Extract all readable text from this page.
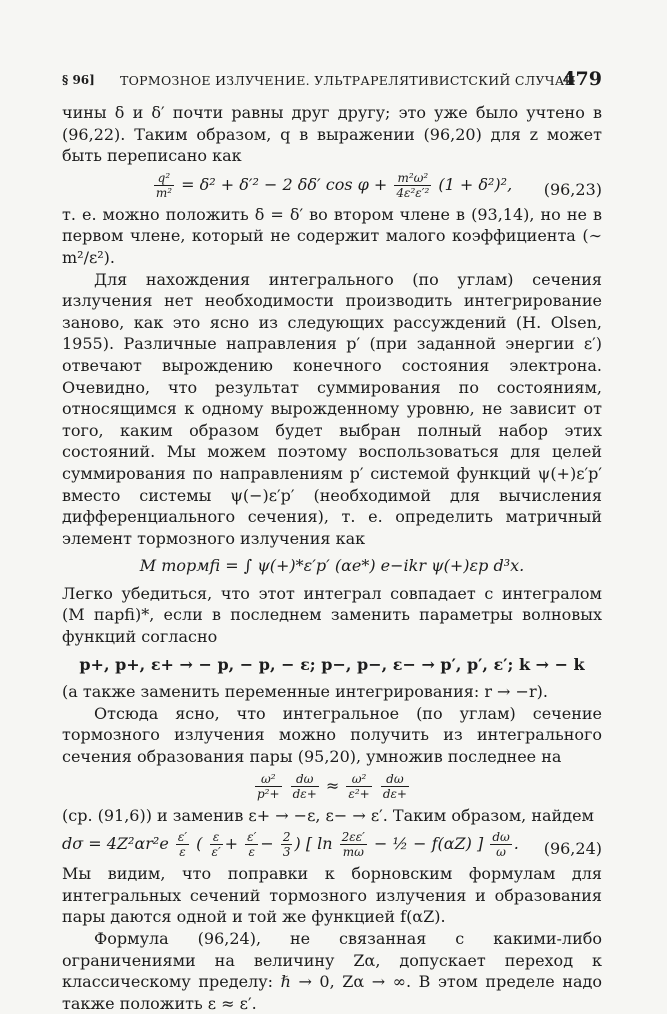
§ 96] ТОРМОЗНОЕ ИЗЛУЧЕНИЕ. УЛЬТРАРЕЛЯТИВИСТСКИЙ СЛУЧАЙ
479

чины δ и δ′ почти равны друг другу; это уже было учтено в (96,22). Таким образом, q в выражении (96,20) для z может быть переписано как

$\frac{\text{q²}}{\text{m²}} = \delta^2 + \delta'^2 - 2$ δδ′ $\cos \varphi + \frac{\text{m²ω²}}{\text{4ε²ε′²}} (1 + \delta^2)^2$,	(96,23)

т. е. можно положить δ = δ′ во втором члене в (93,14), но не в первом члене, который не содержит малого коэффициента (∼ m²/ε²).

Для нахождения интегрального (по углам) сечения излучения нет необходимости производить интегрирование заново, как это ясно из следующих рассуждений (H. Olsen, 1955). Различные направления p′ (при заданной энергии ε′) отвечают вырождению конечного состояния электрона. Очевидно, что результат суммирования по состояниям, относящимся к одному вырожденному уровню, не зависит от того, каким образом будет выбран полный набор этих состояний. Мы можем поэтому воспользоваться для целей суммирования по направлениям p′ системой функций ψ(+)ε′p′ вместо системы ψ(−)ε′p′ (необходимой для вычисления дифференциального сечения), т. е. определить матричный элемент тормозного излучения как

M тормfi = ∫ ψ(+)*ε′p′ (αe*) e−ikr ψ(+)εp d³x.

Легко убедиться, что этот интеграл совпадает с интегралом (M парfi)*, если в последнем заменить параметры волновых функций согласно

p+, p+, ε+ → − p, − p, − ε; p−, p−, ε− → p′, p′, ε′; k → − k

(а также заменить переменные интегрирования: r → −r).

Отсюда ясно, что интегральное (по углам) сечение тормозного излучения можно получить из интегрального сечения образования пары (95,20), умножив последнее на

$\frac{\text{ω²}}{\text{p²+}}$
$\frac{d\omega}{d\varepsilon+} \approx \frac{\text{ω²}}{\text{ε²+}}$
$\frac{d\omega}{d\varepsilon+}$

(ср. (91,6)) и заменив ε+ → −ε, ε− → ε′. Таким образом, найдем

$d\sigma = 4Z^2\alpha r^2e \frac{\varepsilon'}{\varepsilon}$ ( $\frac{\varepsilon}{\varepsilon'} + \frac{\varepsilon'}{\varepsilon} - \frac{2}{3}$ ) [ $\ln \frac{2\varepsilon\varepsilon'}{m\omega}$ − ½ − f(αZ) ] $\frac{d\omega}{\omega}$ .	(96,24)

Мы видим, что поправки к борновским формулам для интегральных сечений тормозного излучения и образования пары даются одной и той же функцией f(αZ).

Формула (96,24), не связанная с какими-либо ограничениями на величину Zα, допускает переход к классическому пределу: ℏ → 0, Zα → ∞. В этом пределе надо также положить ε ≈ ε′.
